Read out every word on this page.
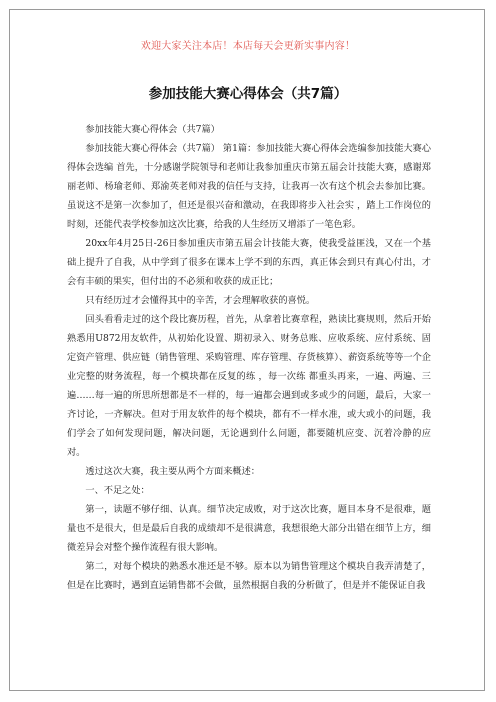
欢迎大家关注本店！本店每天会更新实事内容！
参加技能大赛心得体会（共7篇）

参加技能大赛心得体会（共7篇）

参加技能大赛心得体会（共7篇） 第1篇：参加技能大赛心得体会选编参加技能大赛心得体会选编 首先，十分感谢学院领导和老师让我参加重庆市第五届会计技能大赛，感谢郑丽老师、杨瑜老师、郑渝英老师对我的信任与支持，让我再一次有这个机会去参加比赛。虽说这不是第一次参加了，但还是很兴奋和激动，在我即将步入社会实 ，踏上工作岗位的时刻，还能代表学校参加这次比赛，给我的人生经历又增添了一笔色彩。

20xx年4月25日-26日参加重庆市第五届会计技能大赛，使我受益匪浅，又在一个基础上提升了自我，从中学到了很多在课本上学不到的东西，真正体会到只有真心付出，才会有丰硕的果实，但付出的不必须和收获的成正比；

只有经历过才会懂得其中的辛苦，才会理解收获的喜悦。

回头看看走过的这个段比赛历程，首先，从拿着比赛章程，熟读比赛规则，然后开始熟悉用U872用友软件，从初始化设置、期初录入、财务总账、应收系统、应付系统、固定资产管理、供应链（销售管理、采购管理、库存管理、存货核算）、薪资系统等等一个企业完整的财务流程，每一个模块都在反复的练 ，每一次练 都重头再来，一遍、两遍、三遍……每一遍的所思所想都是不一样的，每一遍都会遇到或多或少的问题，最后，大家一齐讨论，一齐解决。但对于用友软件的每个模块，都有不一样水准，或大或小的问题，我们学会了如何发现问题，解决问题，无论遇到什么问题，都要随机应变、沉着冷静的应对。

透过这次大赛，我主要从两个方面来概述：

一、不足之处：

第一，读题不够仔细、认真。细节决定成败，对于这次比赛，题目本身不是很难，题量也不是很大，但是最后自我的成绩却不是很满意，我想很绝大部分出错在细节上方，细微差异会对整个操作流程有很大影响。

第二，对每个模块的熟悉水准还是不够。原本以为销售管理这个模块自我弄清楚了，但是在比赛时，遇到直运销售都不会做，虽然根据自我的分析做了，但是并不能保证自我
